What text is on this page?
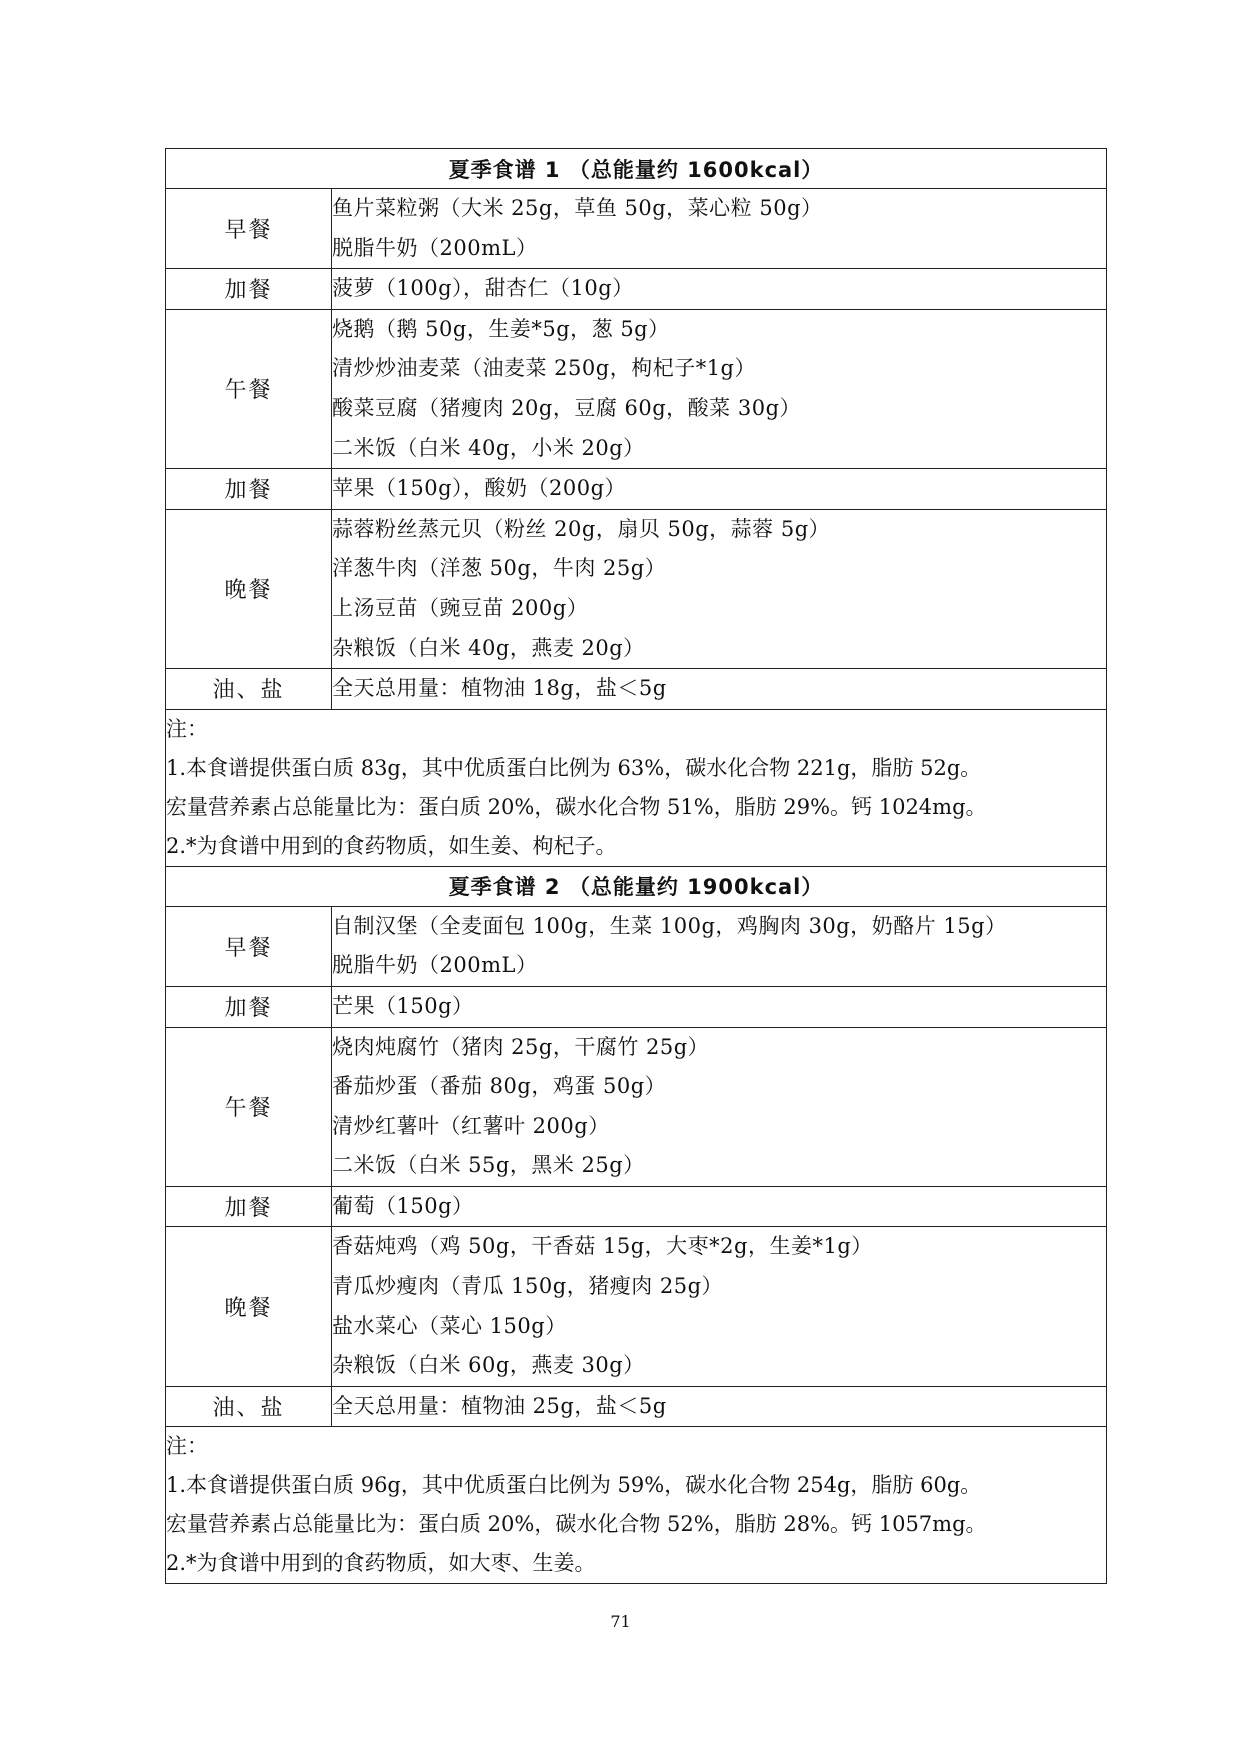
夏季食谱 1 （总能量约 1600kcal）	
早餐	鱼片菜粒粥（大米 25g，草鱼 50g，菜心粒 50g）
脱脂牛奶（200mL）

加餐	菠萝（100g），甜杏仁（10g）

午餐	烧鹅（鹅 50g，生姜*5g，葱 5g）
清炒炒油麦菜（油麦菜 250g，枸杞子*1g）
酸菜豆腐（猪瘦肉 20g，豆腐 60g，酸菜 30g）
二米饭（白米 40g，小米 20g）

加餐	苹果（150g），酸奶（200g）

晚餐	蒜蓉粉丝蒸元贝（粉丝 20g，扇贝 50g，蒜蓉 5g）
洋葱牛肉（洋葱 50g，牛肉 25g）
上汤豆苗（豌豆苗 200g）
杂粮饭（白米 40g，燕麦 20g）

油、盐	全天总用量：植物油 18g，盐＜5g

注：
1.本食谱提供蛋白质 83g，其中优质蛋白比例为 63%，碳水化合物 221g，脂肪 52g。
宏量营养素占总能量比为：蛋白质 20%，碳水化合物 51%，脂肪 29%。钙 1024mg。
2.*为食谱中用到的食药物质，如生姜、枸杞子。	

夏季食谱 2 （总能量约 1900kcal）	
早餐	自制汉堡（全麦面包 100g，生菜 100g，鸡胸肉 30g，奶酪片 15g）
脱脂牛奶（200mL）

加餐	芒果（150g）

午餐	烧肉炖腐竹（猪肉 25g，干腐竹 25g）
番茄炒蛋（番茄 80g，鸡蛋 50g）
清炒红薯叶（红薯叶 200g）
二米饭（白米 55g，黑米 25g）

加餐	葡萄（150g）

晚餐	香菇炖鸡（鸡 50g，干香菇 15g，大枣*2g，生姜*1g）
青瓜炒瘦肉（青瓜 150g，猪瘦肉 25g）
盐水菜心（菜心 150g）
杂粮饭（白米 60g，燕麦 30g）

油、盐	全天总用量：植物油 25g，盐＜5g

注：
1.本食谱提供蛋白质 96g，其中优质蛋白比例为 59%，碳水化合物 254g，脂肪 60g。
宏量营养素占总能量比为：蛋白质 20%，碳水化合物 52%，脂肪 28%。钙 1057mg。
2.*为食谱中用到的食药物质，如大枣、生姜。	
71
